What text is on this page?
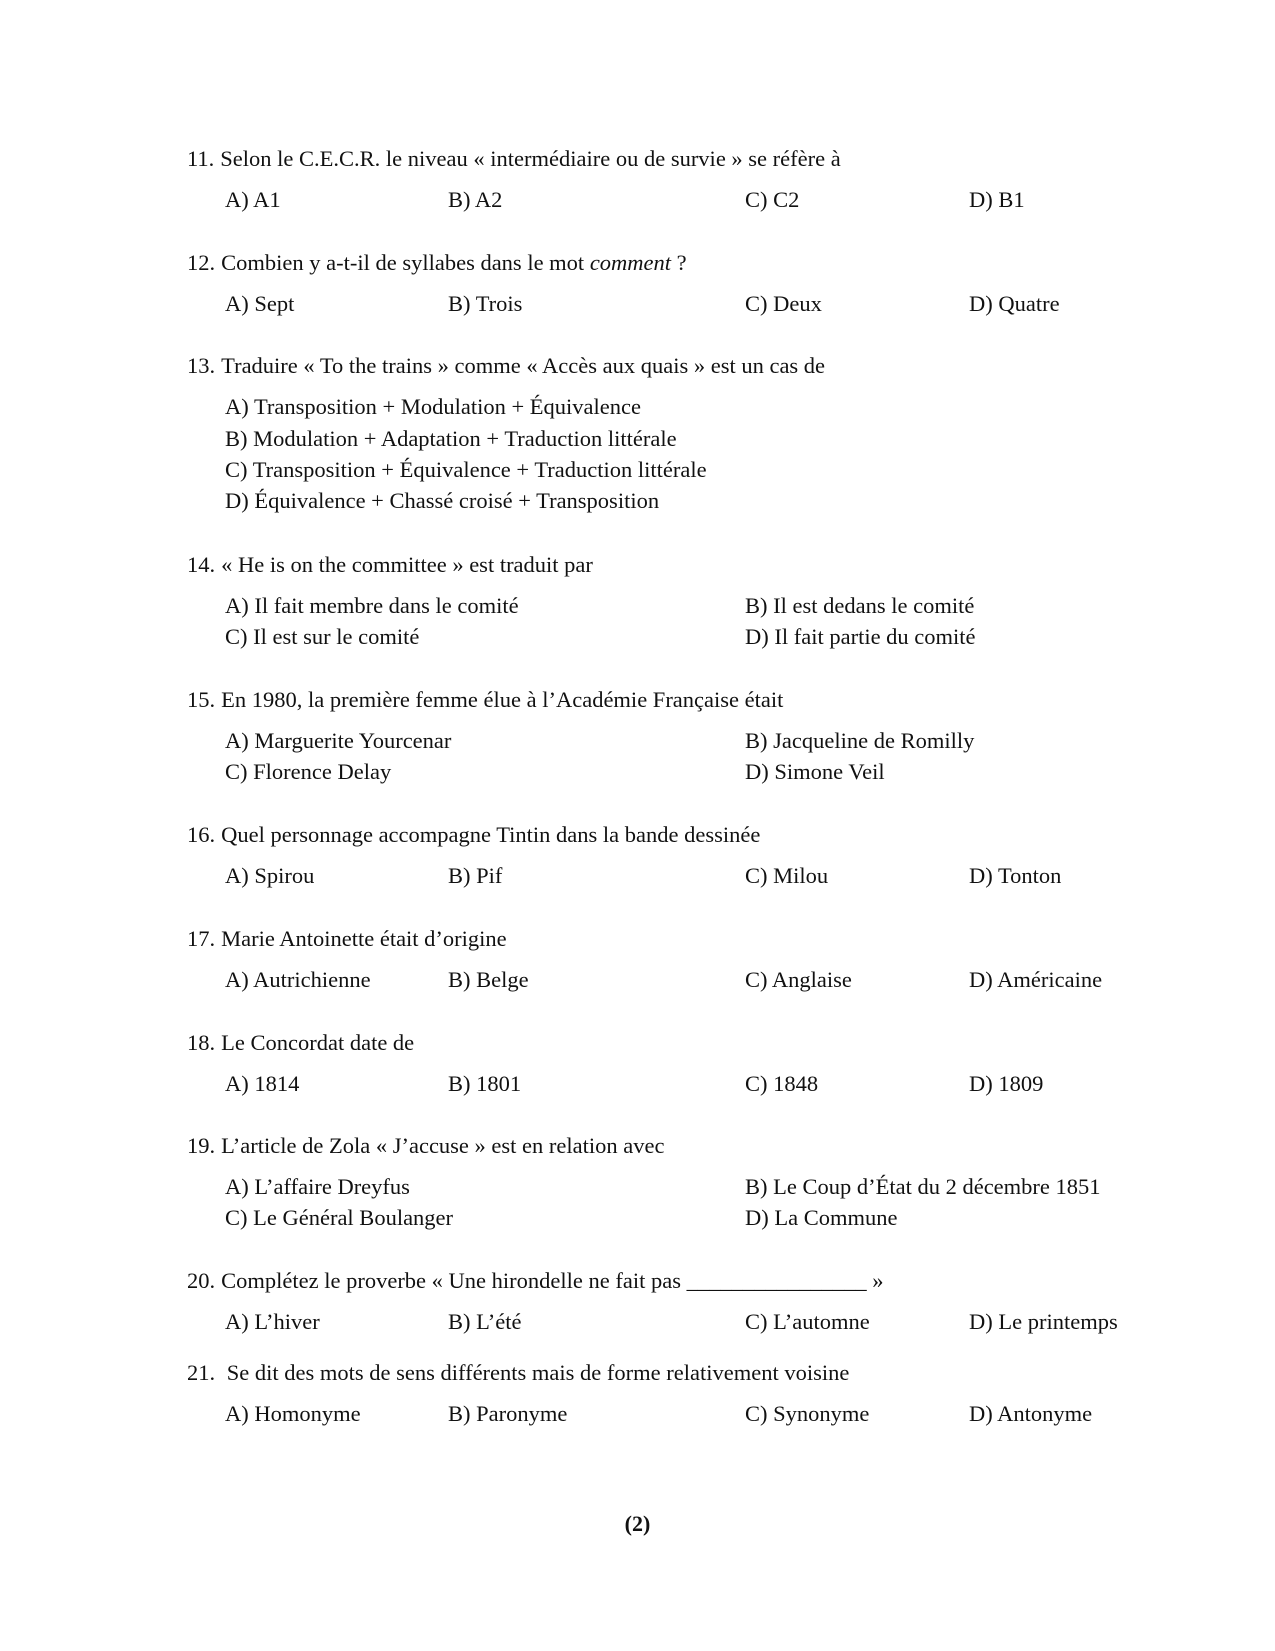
11. Selon le C.E.C.R. le niveau « intermédiaire ou de survie » se réfère à
A) A1	B) A2	C) C2	D) B1
12. Combien y a-t-il de syllabes dans le mot comment ?
A) Sept	B) Trois	C) Deux	D) Quatre
13. Traduire « To the trains » comme « Accès aux quais » est un cas de
A) Transposition + Modulation + Équivalence
B) Modulation + Adaptation + Traduction littérale
C) Transposition + Équivalence + Traduction littérale
D) Équivalence + Chassé croisé + Transposition
14. « He is on the committee » est traduit par
A) Il fait membre dans le comité	B) Il est dedans le comité
C) Il est sur le comité	D) Il fait partie du comité
15. En 1980, la première femme élue à l’Académie Française était
A) Marguerite Yourcenar	B) Jacqueline de Romilly
C) Florence Delay	D) Simone Veil
16. Quel personnage accompagne Tintin dans la bande dessinée
A) Spirou	B) Pif	C) Milou	D) Tonton
17. Marie Antoinette était d’origine
A) Autrichienne	B) Belge	C) Anglaise	D) Américaine
18. Le Concordat date de
A) 1814	B) 1801	C) 1848	D) 1809
19. L’article de Zola « J’accuse » est en relation avec
A) L’affaire Dreyfus	B) Le Coup d’État du 2 décembre 1851
C) Le Général Boulanger	D) La Commune
20. Complétez le proverbe « Une hirondelle ne fait pas ________________ »
A) L’hiver	B) L’été	C) L’automne	D) Le printemps
21. Se dit des mots de sens différents mais de forme relativement voisine
A) Homonyme	B) Paronyme	C) Synonyme	D) Antonyme
(2)
